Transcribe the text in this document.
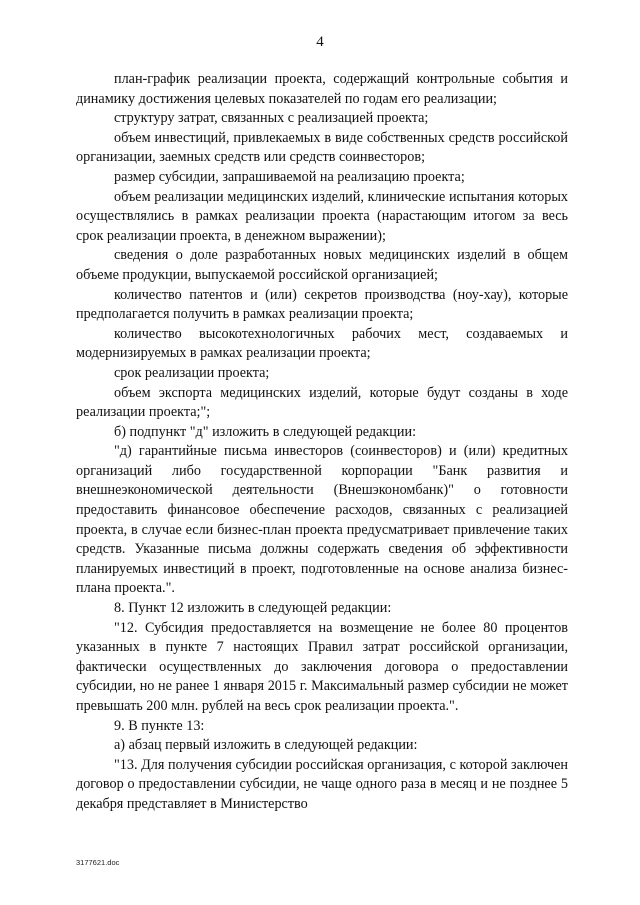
4

план-график реализации проекта, содержащий контрольные события и динамику достижения целевых показателей по годам его реализации;

структуру затрат, связанных с реализацией проекта;

объем инвестиций, привлекаемых в виде собственных средств российской организации, заемных средств или средств соинвесторов;

размер субсидии, запрашиваемой на реализацию проекта;

объем реализации медицинских изделий, клинические испытания которых осуществлялись в рамках реализации проекта (нарастающим итогом за весь срок реализации проекта, в денежном выражении);

сведения о доле разработанных новых медицинских изделий в общем объеме продукции, выпускаемой российской организацией;

количество патентов и (или) секретов производства (ноу-хау), которые предполагается получить в рамках реализации проекта;

количество высокотехнологичных рабочих мест, создаваемых и модернизируемых в рамках реализации проекта;

срок реализации проекта;

объем экспорта медицинских изделий, которые будут созданы в ходе реализации проекта;";

б) подпункт "д" изложить в следующей редакции:

"д) гарантийные письма инвесторов (соинвесторов) и (или) кредитных организаций либо государственной корпорации "Банк развития и внешнеэкономической деятельности (Внешэкономбанк)" о готовности предоставить финансовое обеспечение расходов, связанных с реализацией проекта, в случае если бизнес-план проекта предусматривает привлечение таких средств. Указанные письма должны содержать сведения об эффективности планируемых инвестиций в проект, подготовленные на основе анализа бизнес-плана проекта.".

8. Пункт 12 изложить в следующей редакции:

"12. Субсидия предоставляется на возмещение не более 80 процентов указанных в пункте 7 настоящих Правил затрат российской организации, фактически осуществленных до заключения договора о предоставлении субсидии, но не ранее 1 января 2015 г. Максимальный размер субсидии не может превышать 200 млн. рублей на весь срок реализации проекта.".

9. В пункте 13:

а) абзац первый изложить в следующей редакции:

"13. Для получения субсидии российская организация, с которой заключен договор о предоставлении субсидии, не чаще одного раза в месяц и не позднее 5 декабря представляет в Министерство

3177621.doc
